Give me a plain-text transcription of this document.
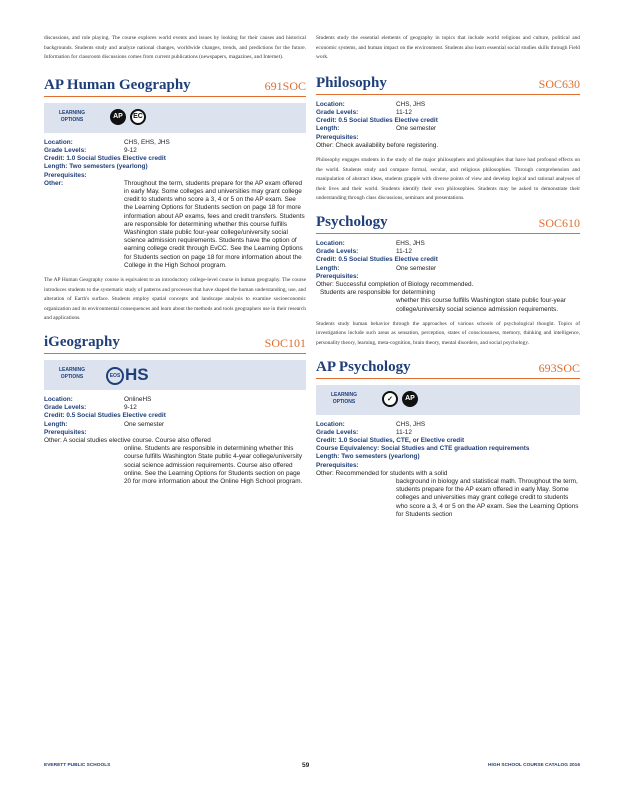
discussions, and role playing. The course explores world events and issues by looking for their causes and historical backgrounds. Students study and analyze national changes, worldwide changes, trends, and predictions for the future. Information for classroom discussions comes from current publications (newspapers, magazines, and Internet).
AP Human Geography	691SOC
LEARNING OPTIONS	AP	EC
Location:	CHS, EHS, JHS
Grade Levels:	9-12
Credit: 1.0 Social Studies Elective credit
Length: Two semesters (yearlong)
Prerequisites:
Other:	Throughout the term, students prepare for the AP exam offered in early May. Some colleges and universities may grant college credit to students who score a 3, 4 or 5 on the AP exam. See the Learning Options for Students section on page 18 for more information about AP exams, fees and credit transfers. Students are responsible for determining whether this course fulfills Washington state public four-year college/university social science admission requirements. Students have the option of earning college credit through EvCC. See the Learning Options for Students section on page 18 for more information about the College in the High School program.
The AP Human Geography course is equivalent to an introductory college-level course in human geography. The course introduces students to the systematic study of patterns and processes that have shaped the human understanding, use, and alteration of Earth's surface. Students employ spatial concepts and landscape analysis to examine socioeconomic organization and its environmental consequences and learn about the methods and tools geographers use in their research and applications.
iGeography	SOC101
LEARNING OPTIONS	EOS HS
Location:	OnlineHS
Grade Levels:	9-12
Credit: 0.5 Social Studies Elective credit
Length:	One semester
Prerequisites:
Other: A social studies elective course. Course also offered
online. Students are responsible in determining whether this course fulfills Washington State public 4-year college/university social science admission requirements. Course also offered online. See the Learning Options for Students section on page 20 for more information about the Online High School program.
Students study the essential elements of geography in topics that include world religions and culture, political and economic systems, and human impact on the environment. Students also learn essential social studies skills through Field work.
Philosophy	SOC630
Location:	CHS, JHS
Grade Levels:	11-12
Credit: 0.5 Social Studies Elective credit
Length:	One semester
Prerequisites:
Other: Check availability before registering.
Philosophy engages students in the study of the major philosophers and philosophies that have had profound effects on the world. Students study and compare formal, secular, and religious philosophies. Through comprehension and manipulation of abstract ideas, students grapple with diverse points of view and develop logical and rational analyses of their lives and their world. Students identify their own philosophies. Students may be asked to demonstrate their understanding through class discussions, seminars and presentations.
Psychology	SOC610
Location:	EHS, JHS
Grade Levels:	11-12
Credit: 0.5 Social Studies Elective credit
Length:	One semester
Prerequisites:
Other: Successful completion of Biology recommended.
Students are responsible for determining
whether this course fulfills Washington state public four-year college/university social science admission requirements.
Students study human behavior through the approaches of various schools of psychological thought. Topics of investigations include such areas as sensation, perception, states of consciousness, memory, thinking and intelligence, personality theory, learning, meta-cognition, brain theory, mental disorders, and social psychology.
AP Psychology	693SOC
LEARNING OPTIONS	✓	AP
Location:	CHS, JHS
Grade Levels:	11-12
Credit: 1.0 Social Studies, CTE, or Elective credit
Course Equivalency: Social Studies and CTE graduation requirements
Length: Two semesters (yearlong)
Prerequisites:
Other: Recommended for students with a solid
background in biology and statistical math. Throughout the term, students prepare for the AP exam offered in early May. Some colleges and universities may grant college credit to students who score a 3, 4 or 5 on the AP exam. See the Learning Options for Students section
EVERETT PUBLIC SCHOOLS	59	HIGH SCHOOL COURSE CATALOG 2016
